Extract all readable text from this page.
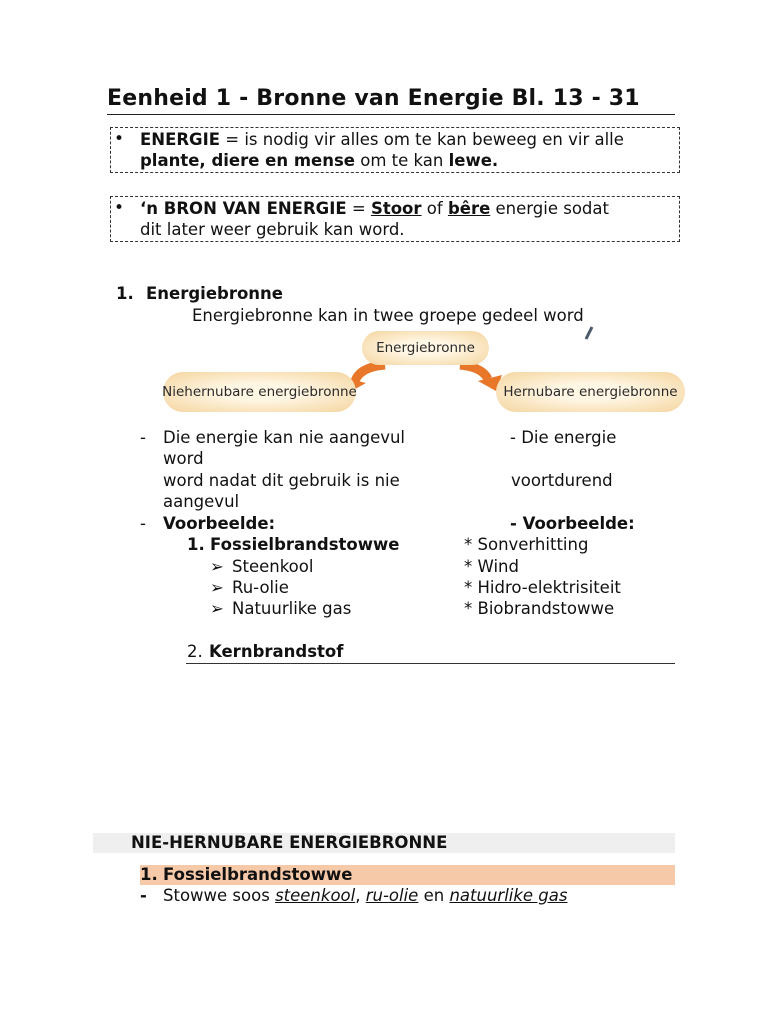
Eenheid 1 - Bronne van Energie Bl. 13 - 31
• ENERGIE = is nodig vir alles om te kan beweeg en vir alle
plante, diere en mense om te kan lewe.
• ‘n BRON VAN ENERGIE = Stoor of bêre energie sodat
dit later weer gebruik kan word.
1. Energiebronne
Energiebronne kan in twee groepe gedeel word
Energiebronne
Niehernubare energiebronne	Hernubare energiebronne
- Die energie kan nie aangevul
word
word nadat dit gebruik is nie
aangevul
- Voorbeelde:
1. Fossielbrandstowwe
➢ Steenkool
➢ Ru-olie
➢ Natuurlike gas
2. Kernbrandstof
- Die energie
voortdurend
- Voorbeelde:
* Sonverhitting
* Wind
* Hidro-elektrisiteit
* Biobrandstowwe
NIE-HERNUBARE ENERGIEBRONNE
1. Fossielbrandstowwe
- Stowwe soos steenkool, ru-olie en natuurlike gas
